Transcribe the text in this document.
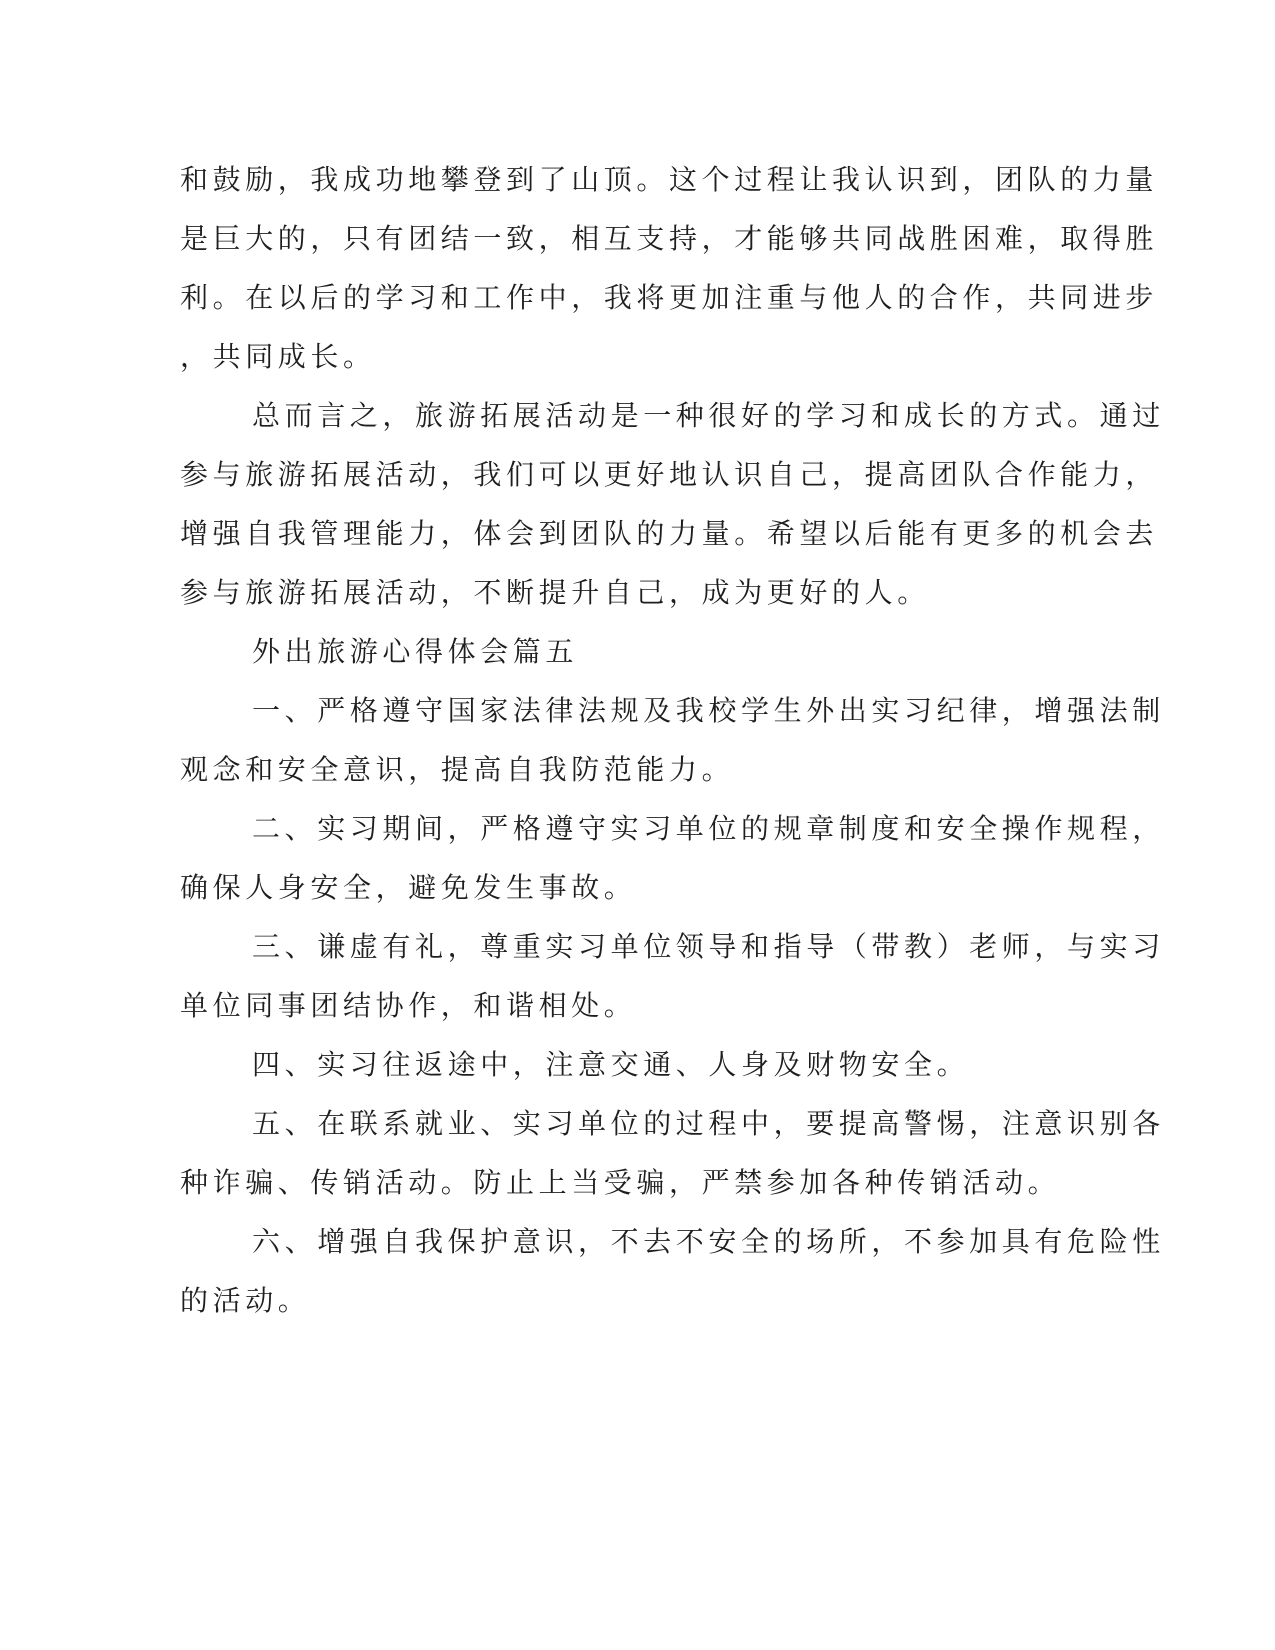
和鼓励，我成功地攀登到了山顶。这个过程让我认识到，团队的力量
是巨大的，只有团结一致，相互支持，才能够共同战胜困难，取得胜
利。在以后的学习和工作中，我将更加注重与他人的合作，共同进步
，共同成长。
总而言之，旅游拓展活动是一种很好的学习和成长的方式。通过
参与旅游拓展活动，我们可以更好地认识自己，提高团队合作能力，
增强自我管理能力，体会到团队的力量。希望以后能有更多的机会去
参与旅游拓展活动，不断提升自己，成为更好的人。
外出旅游心得体会篇五
一、严格遵守国家法律法规及我校学生外出实习纪律，增强法制
观念和安全意识，提高自我防范能力。
二、实习期间，严格遵守实习单位的规章制度和安全操作规程，
确保人身安全，避免发生事故。
三、谦虚有礼，尊重实习单位领导和指导（带教）老师，与实习
单位同事团结协作，和谐相处。
四、实习往返途中，注意交通、人身及财物安全。
五、在联系就业、实习单位的过程中，要提高警惕，注意识别各
种诈骗、传销活动。防止上当受骗，严禁参加各种传销活动。
六、增强自我保护意识，不去不安全的场所，不参加具有危险性
的活动。
